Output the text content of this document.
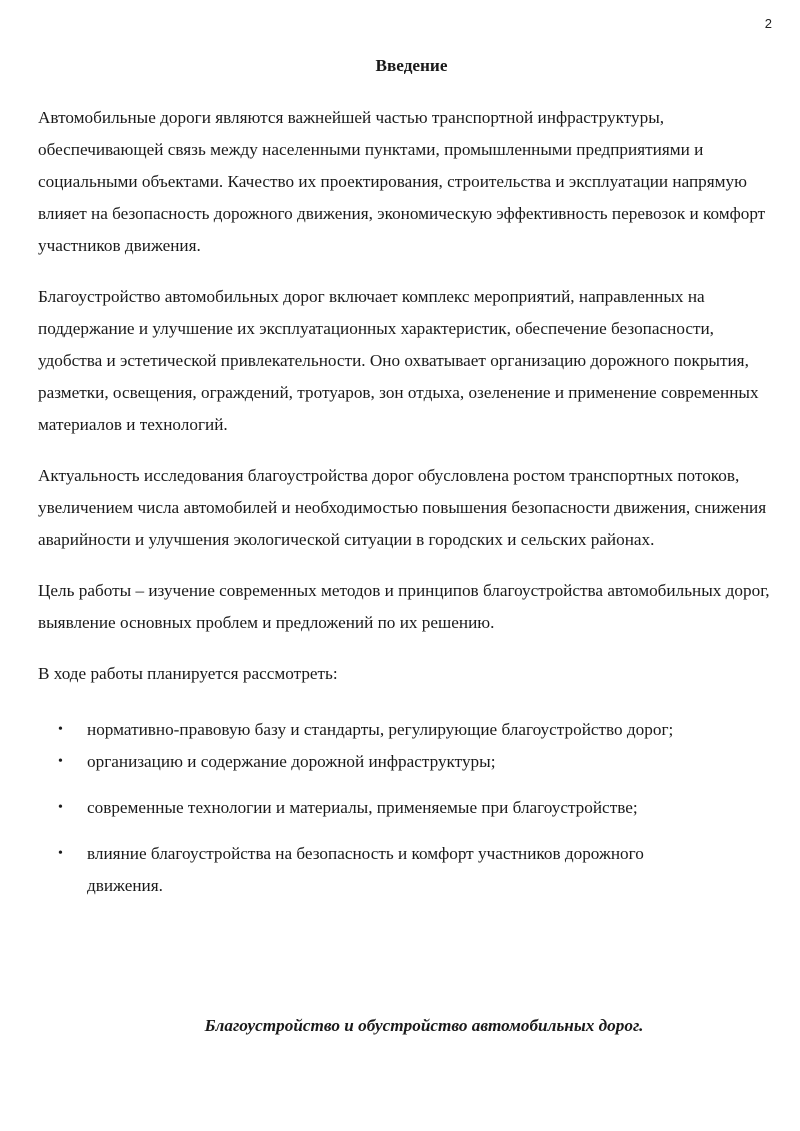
2

Введение

Автомобильные дороги являются важнейшей частью транспортной инфраструктуры, обеспечивающей связь между населенными пунктами, промышленными предприятиями и социальными объектами. Качество их проектирования, строительства и эксплуатации напрямую влияет на безопасность дорожного движения, экономическую эффективность перевозок и комфорт участников движения.

Благоустройство автомобильных дорог включает комплекс мероприятий, направленных на поддержание и улучшение их эксплуатационных характеристик, обеспечение безопасности, удобства и эстетической привлекательности. Оно охватывает организацию дорожного покрытия, разметки, освещения, ограждений, тротуаров, зон отдыха, озеленение и применение современных материалов и технологий.

Актуальность исследования благоустройства дорог обусловлена ростом транспортных потоков, увеличением числа автомобилей и необходимостью повышения безопасности движения, снижения аварийности и улучшения экологической ситуации в городских и сельских районах.

Цель работы – изучение современных методов и принципов благоустройства автомобильных дорог, выявление основных проблем и предложений по их решению.

В ходе работы планируется рассмотреть:

• нормативно-правовую базу и стандарты, регулирующие благоустройство дорог;
• организацию и содержание дорожной инфраструктуры;
• современные технологии и материалы, применяемые при благоустройстве;
• влияние благоустройства на безопасность и комфорт участников дорожного движения.
Благоустройство и обустройство автомобильных дорог.
